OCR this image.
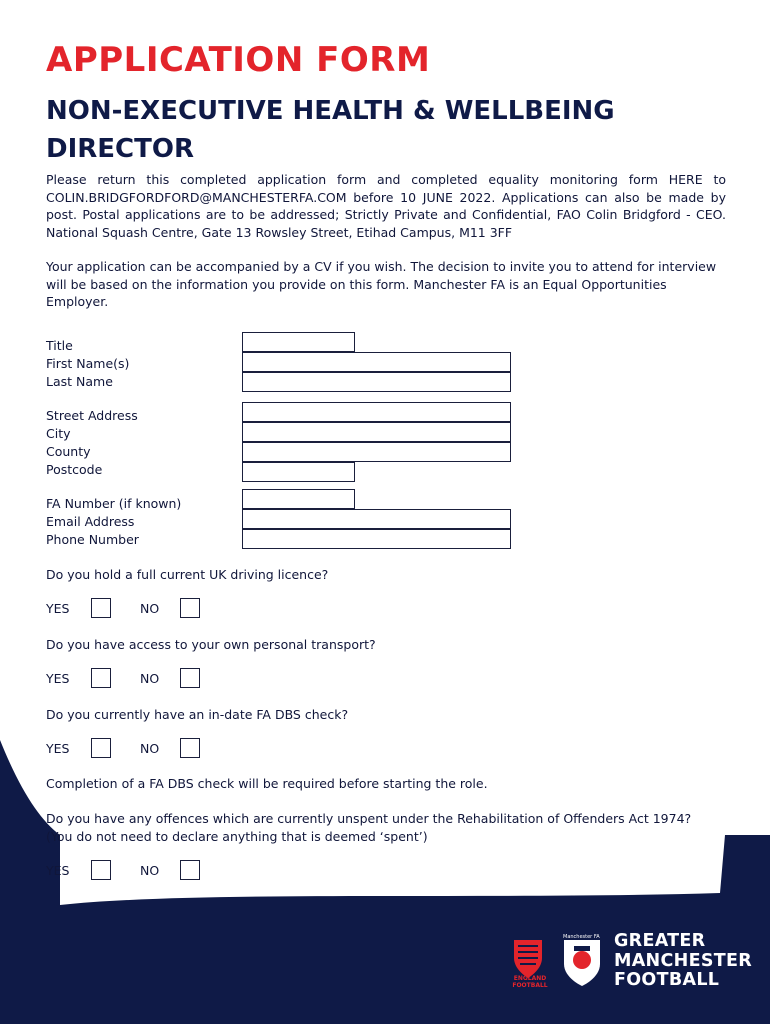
APPLICATION FORM
NON-EXECUTIVE HEALTH & WELLBEING DIRECTOR

Please return this completed application form and completed equality monitoring form HERE to COLIN.BRIDGFORDFORD@MANCHESTERFA.COM before 10 JUNE 2022. Applications can also be made by post. Postal applications are to be addressed; Strictly Private and Confidential, FAO Colin Bridgford - CEO. National Squash Centre, Gate 13 Rowsley Street, Etihad Campus, M11 3FF

Your application can be accompanied by a CV if you wish. The decision to invite you to attend for interview will be based on the information you provide on this form. Manchester FA is an Equal Opportunities Employer.

Title
First Name(s)
Last Name
Street Address
City
County
Postcode
FA Number (if known)
Email Address
Phone Number
Do you hold a full current UK driving licence?
YES	NO
Do you have access to your own personal transport?
YES	NO
Do you currently have an in-date FA DBS check?
YES	NO
Completion of a FA DBS check will be required before starting the role.
Do you have any offences which are currently unspent under the Rehabilitation of Offenders Act 1974? (You do not need to declare anything that is deemed ‘spent’)
YES	NO
ENGLAND FOOTBALL
Manchester FA GREATER
MANCHESTER
FOOTBALL
